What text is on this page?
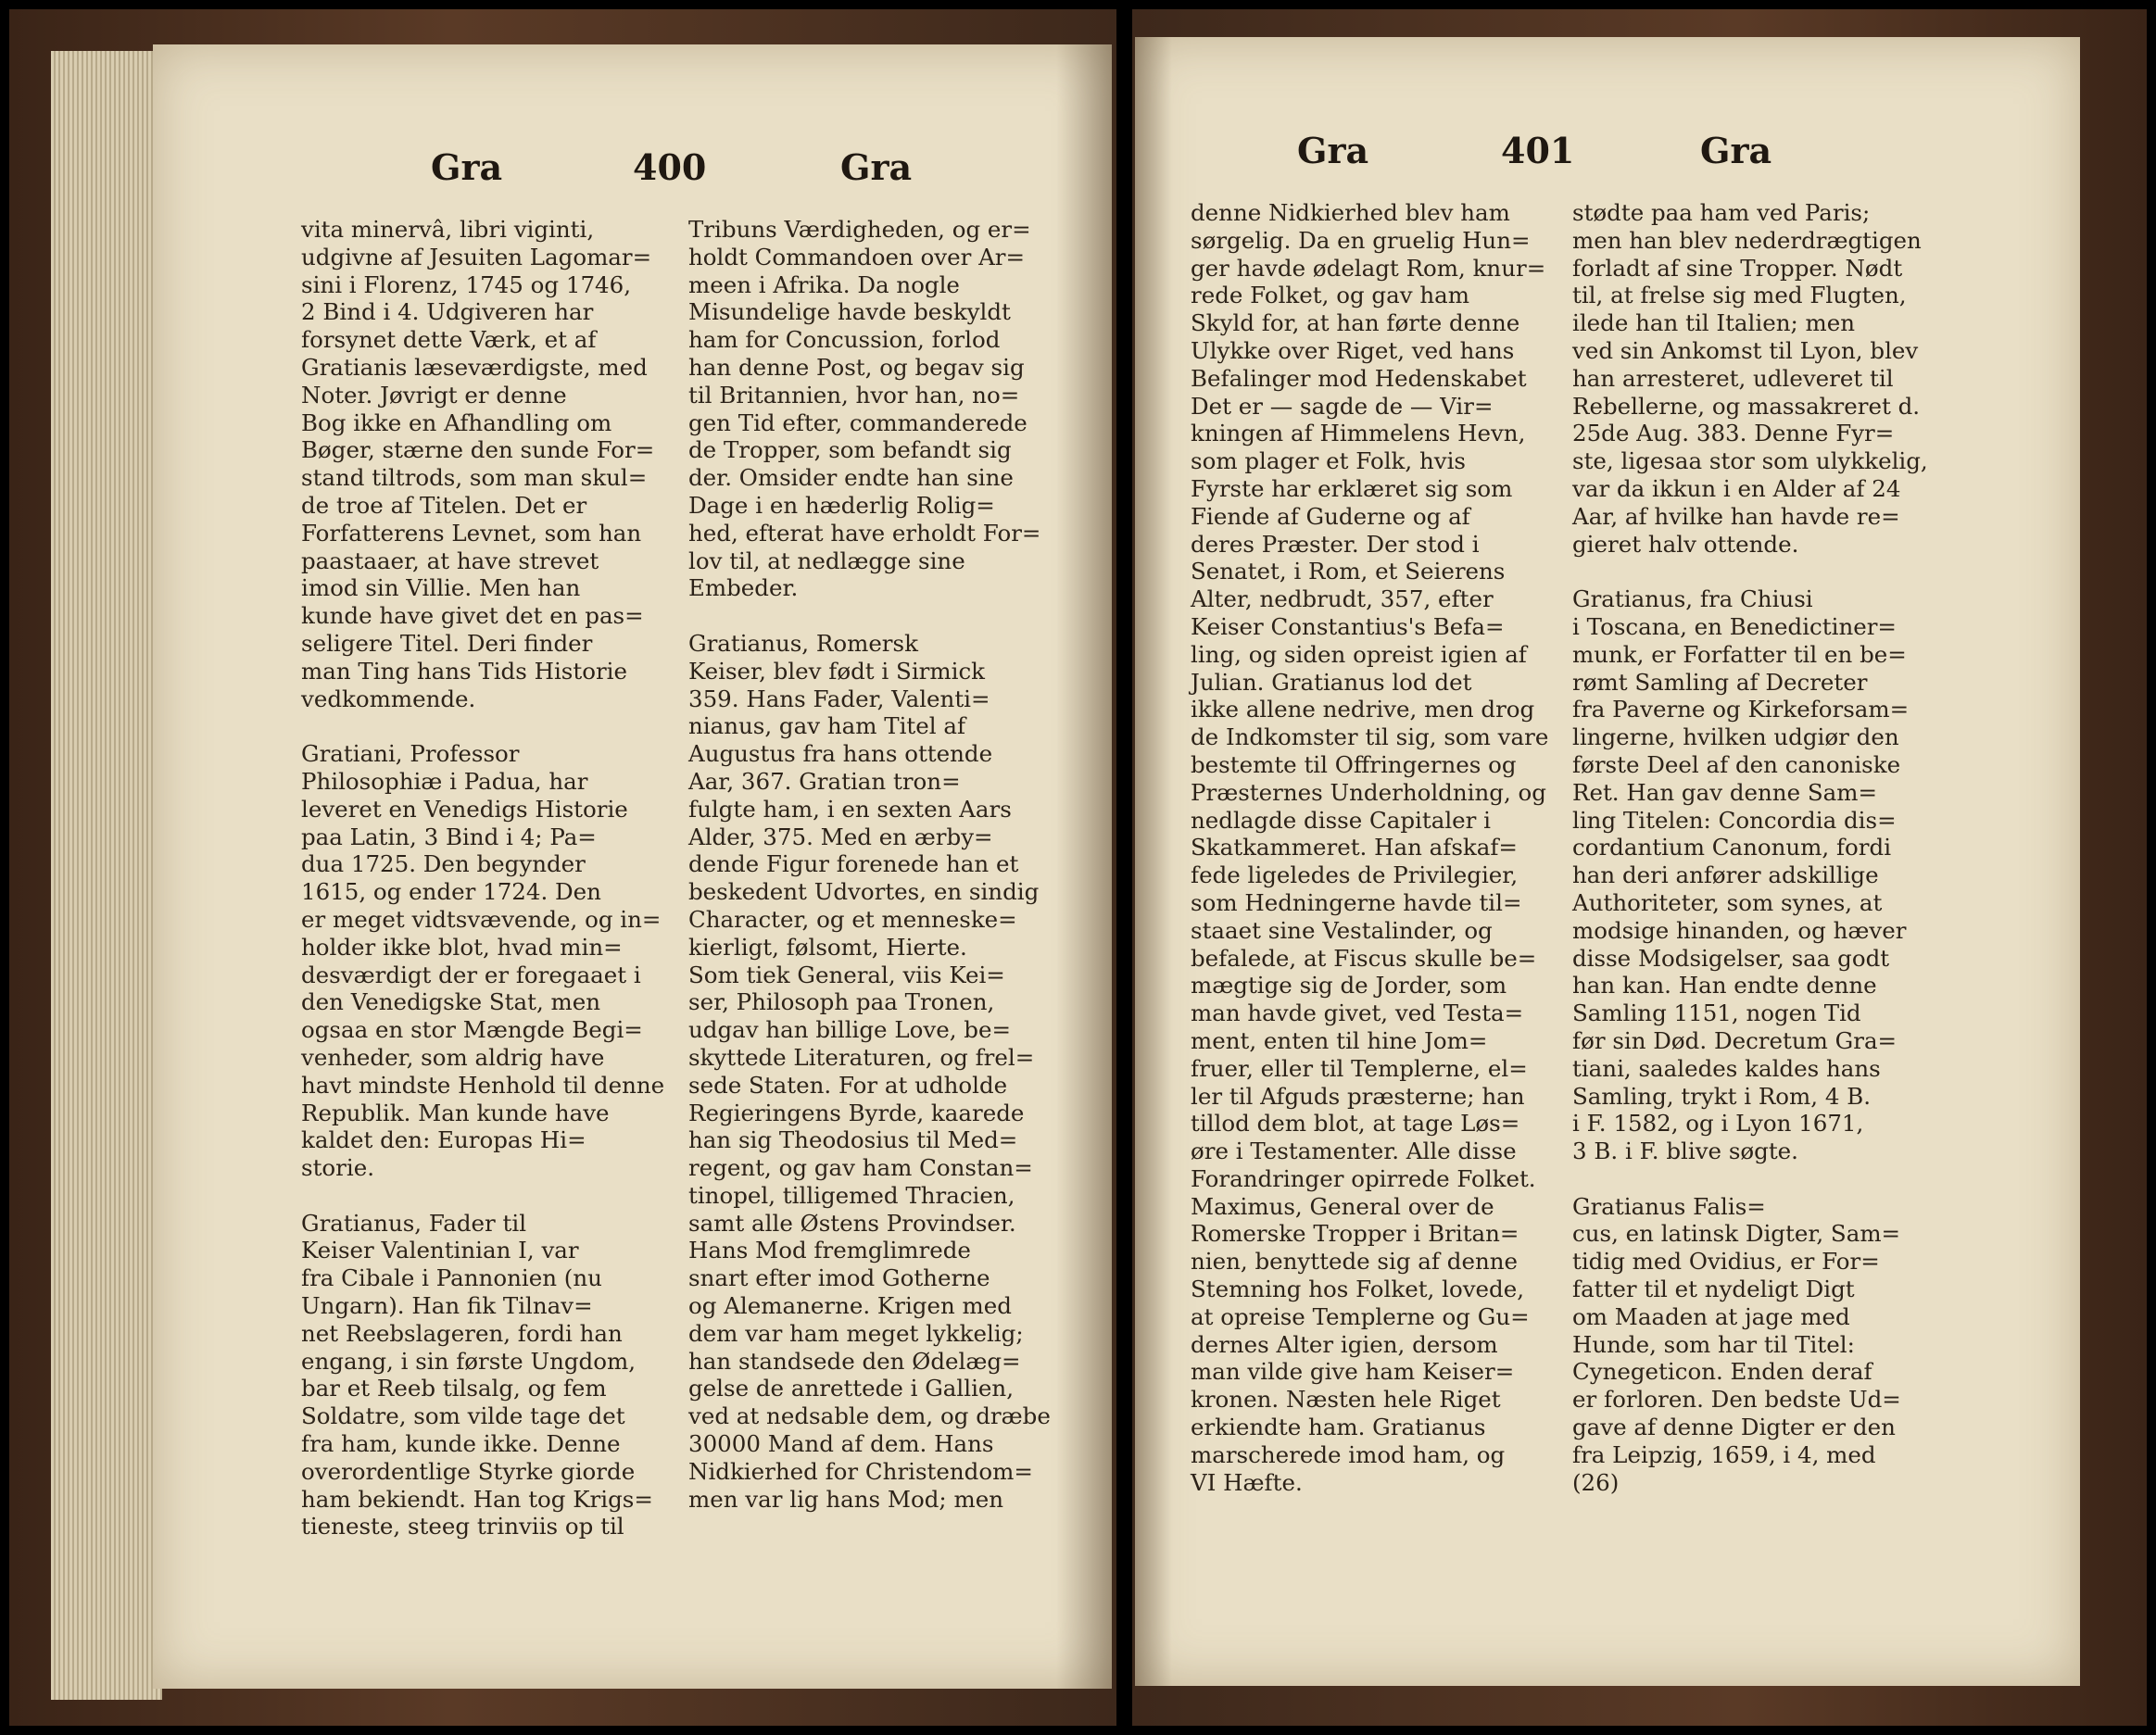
Gra	400	Gra
vita minervâ, libri viginti,
udgivne af Jesuiten Lagomar=
sini i Florenz, 1745 og 1746,
2 Bind i 4. Udgiveren har
forsynet dette Værk, et af
Gratianis læseværdigste, med
Noter. Jøvrigt er denne
Bog ikke en Afhandling om
Bøger, stærne den sunde For=
stand tiltrods, som man skul=
de troe af Titelen. Det er
Forfatterens Levnet, som han
paastaaer, at have strevet
imod sin Villie. Men han
kunde have givet det en pas=
seligere Titel. Deri finder
man Ting hans Tids Historie
vedkommende.
Gratiani, Professor
Philosophiæ i Padua, har
leveret en Venedigs Historie
paa Latin, 3 Bind i 4; Pa=
dua 1725. Den begynder
1615, og ender 1724. Den
er meget vidtsvævende, og in=
holder ikke blot, hvad min=
desværdigt der er foregaaet i
den Venedigske Stat, men
ogsaa en stor Mængde Begi=
venheder, som aldrig have
havt mindste Henhold til denne
Republik. Man kunde have
kaldet den: Europas Hi=
storie.
Gratianus, Fader til
Keiser Valentinian I, var
fra Cibale i Pannonien (nu
Ungarn). Han fik Tilnav=
net Reebslageren, fordi han
engang, i sin første Ungdom,
bar et Reeb tilsalg, og fem
Soldatre, som vilde tage det
fra ham, kunde ikke. Denne
overordentlige Styrke giorde
ham bekiendt. Han tog Krigs=
tieneste, steeg trinviis op til
Tribuns Værdigheden, og er=
holdt Commandoen over Ar=
meen i Afrika. Da nogle
Misundelige havde beskyldt
ham for Concussion, forlod
han denne Post, og begav sig
til Britannien, hvor han, no=
gen Tid efter, commanderede
de Tropper, som befandt sig
der. Omsider endte han sine
Dage i en hæderlig Rolig=
hed, efterat have erholdt For=
lov til, at nedlægge sine
Embeder.
Gratianus, Romersk
Keiser, blev født i Sirmick
359. Hans Fader, Valenti=
nianus, gav ham Titel af
Augustus fra hans ottende
Aar, 367. Gratian tron=
fulgte ham, i en sexten Aars
Alder, 375. Med en ærby=
dende Figur forenede han et
beskedent Udvortes, en sindig
Character, og et menneske=
kierligt, følsomt, Hierte.
Som tiek General, viis Kei=
ser, Philosoph paa Tronen,
udgav han billige Love, be=
skyttede Literaturen, og frel=
sede Staten. For at udholde
Regieringens Byrde, kaarede
han sig Theodosius til Med=
regent, og gav ham Constan=
tinopel, tilligemed Thracien,
samt alle Østens Provindser.
Hans Mod fremglimrede
snart efter imod Gotherne
og Alemanerne. Krigen med
dem var ham meget lykkelig;
han standsede den Ødelæg=
gelse de anrettede i Gallien,
ved at nedsable dem, og dræbe
30000 Mand af dem. Hans
Nidkierhed for Christendom=
men var lig hans Mod; men
Gra	401	Gra
denne Nidkierhed blev ham
sørgelig. Da en gruelig Hun=
ger havde ødelagt Rom, knur=
rede Folket, og gav ham
Skyld for, at han førte denne
Ulykke over Riget, ved hans
Befalinger mod Hedenskabet
Det er — sagde de — Vir=
kningen af Himmelens Hevn,
som plager et Folk, hvis
Fyrste har erklæret sig som
Fiende af Guderne og af
deres Præster. Der stod i
Senatet, i Rom, et Seierens
Alter, nedbrudt, 357, efter
Keiser Constantius's Befa=
ling, og siden opreist igien af
Julian. Gratianus lod det
ikke allene nedrive, men drog
de Indkomster til sig, som vare
bestemte til Offringernes og
Præsternes Underholdning, og
nedlagde disse Capitaler i
Skatkammeret. Han afskaf=
fede ligeledes de Privilegier,
som Hedningerne havde til=
staaet sine Vestalinder, og
befalede, at Fiscus skulle be=
mægtige sig de Jorder, som
man havde givet, ved Testa=
ment, enten til hine Jom=
fruer, eller til Templerne, el=
ler til Afguds præsterne; han
tillod dem blot, at tage Løs=
øre i Testamenter. Alle disse
Forandringer opirrede Folket.
Maximus, General over de
Romerske Tropper i Britan=
nien, benyttede sig af denne
Stemning hos Folket, lovede,
at opreise Templerne og Gu=
dernes Alter igien, dersom
man vilde give ham Keiser=
kronen. Næsten hele Riget
erkiendte ham. Gratianus
marscherede imod ham, og
VI Hæfte.
stødte paa ham ved Paris;
men han blev nederdrægtigen
forladt af sine Tropper. Nødt
til, at frelse sig med Flugten,
ilede han til Italien; men
ved sin Ankomst til Lyon, blev
han arresteret, udleveret til
Rebellerne, og massakreret d.
25de Aug. 383. Denne Fyr=
ste, ligesaa stor som ulykkelig,
var da ikkun i en Alder af 24
Aar, af hvilke han havde re=
gieret halv ottende.
Gratianus, fra Chiusi
i Toscana, en Benedictiner=
munk, er Forfatter til en be=
rømt Samling af Decreter
fra Paverne og Kirkeforsam=
lingerne, hvilken udgiør den
første Deel af den canoniske
Ret. Han gav denne Sam=
ling Titelen: Concordia dis=
cordantium Canonum, fordi
han deri anfører adskillige
Authoriteter, som synes, at
modsige hinanden, og hæver
disse Modsigelser, saa godt
han kan. Han endte denne
Samling 1151, nogen Tid
før sin Død. Decretum Gra=
tiani, saaledes kaldes hans
Samling, trykt i Rom, 4 B.
i F. 1582, og i Lyon 1671,
3 B. i F. blive søgte.
Gratianus Falis=
cus, en latinsk Digter, Sam=
tidig med Ovidius, er For=
fatter til et nydeligt Digt
om Maaden at jage med
Hunde, som har til Titel:
Cynegeticon. Enden deraf
er forloren. Den bedste Ud=
gave af denne Digter er den
fra Leipzig, 1659, i 4, med
(26)
